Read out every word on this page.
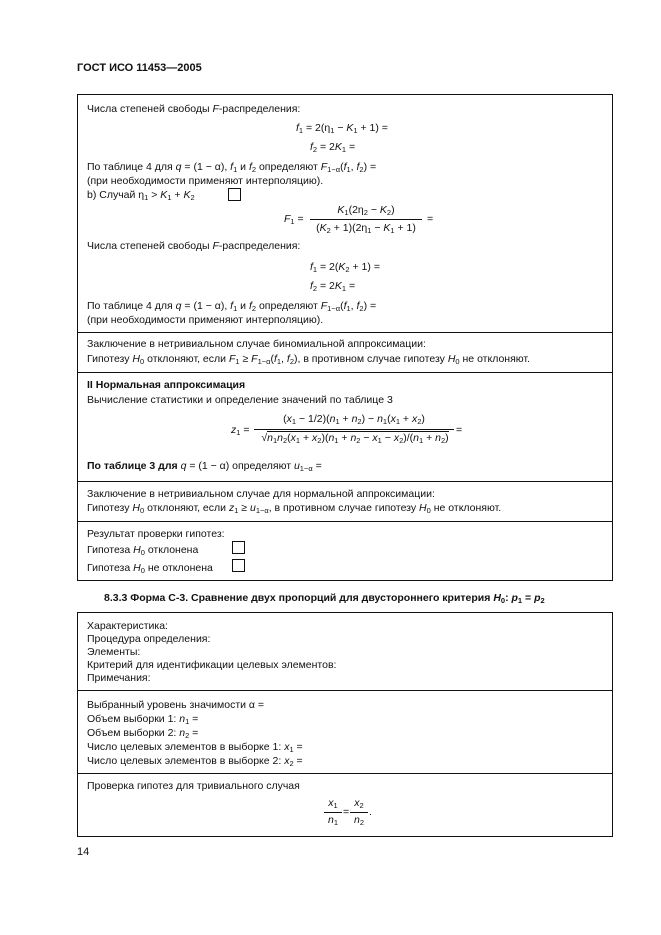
ГОСТ ИСО 11453—2005
Числа степеней свободы F-распределения:
$f_1 = 2(\eta_1 - K_1 + 1)$ =
$f_2 = 2K_1$ =
По таблице 4 для q = (1 − α), $f_1$ и $f_2$ определяют $F_{1-\alpha}(f_1$, $f_2$) =
(при необходимости применяют интерполяцию).
b) Случай $\eta_1 > K_1 + K_2$
$F_1$ =
$K_1(2\eta_2 - K_2)$
$(K_2 + 1)(2\eta_1 - K_1 + 1)$
=
Числа степеней свободы F-распределения:
$f_1 = 2(K_2 + 1)$ =
$f_2 = 2K_1$ =
По таблице 4 для q = (1 − α), $f_1$ и $f_2$ определяют $F_{1-\alpha}(f_1$, $f_2$) =
(при необходимости применяют интерполяцию).
Заключение в нетривиальном случае биномиальной аппроксимации:
Гипотезу $H_0$ отклоняют, если $F_1 \ge F_{1-\alpha}(f_1$, $f_2$), в противном случае гипотезу $H_0$ не отклоняют.
II Нормальная аппроксимация
Вычисление статистики и определение значений по таблице 3
$z_1$ =
$(x_1 - 1/2)(n_1 + n_2) - n_1(x_1 + x_2)$
$√n_1n_2(x_1 + x_2)(n_1 + n_2 - x_1 - x_2)/(n_1 + n_2)$
=
По таблице 3 для q = (1 − α) определяют $u_{1-\alpha}$ =
Заключение в нетривиальном случае для нормальной аппроксимации:
Гипотезу $H_0$ отклоняют, если $z_1 \ge u_{1-\alpha}$, в противном случае гипотезу $H_0$ не отклоняют.
Результат проверки гипотез:
Гипотеза $H_0$ отклонена
Гипотеза $H_0$ не отклонена
8.3.3 Форма С-3. Сравнение двух пропорций для двустороннего критерия $H_0$: $p_1 = p_2$
Характеристика:
Процедура определения:
Элементы:
Критерий для идентификации целевых элементов:
Примечания:
Выбранный уровень значимости α =
Объем выборки 1: $n_1$ =
Объем выборки 2: $n_2$ =
Число целевых элементов в выборке 1: $x_1$ =
Число целевых элементов в выборке 2: $x_2$ =
Проверка гипотез для тривиального случая
$x_1$
$n_1$
=
$x_2$
$n_2$
.
14
